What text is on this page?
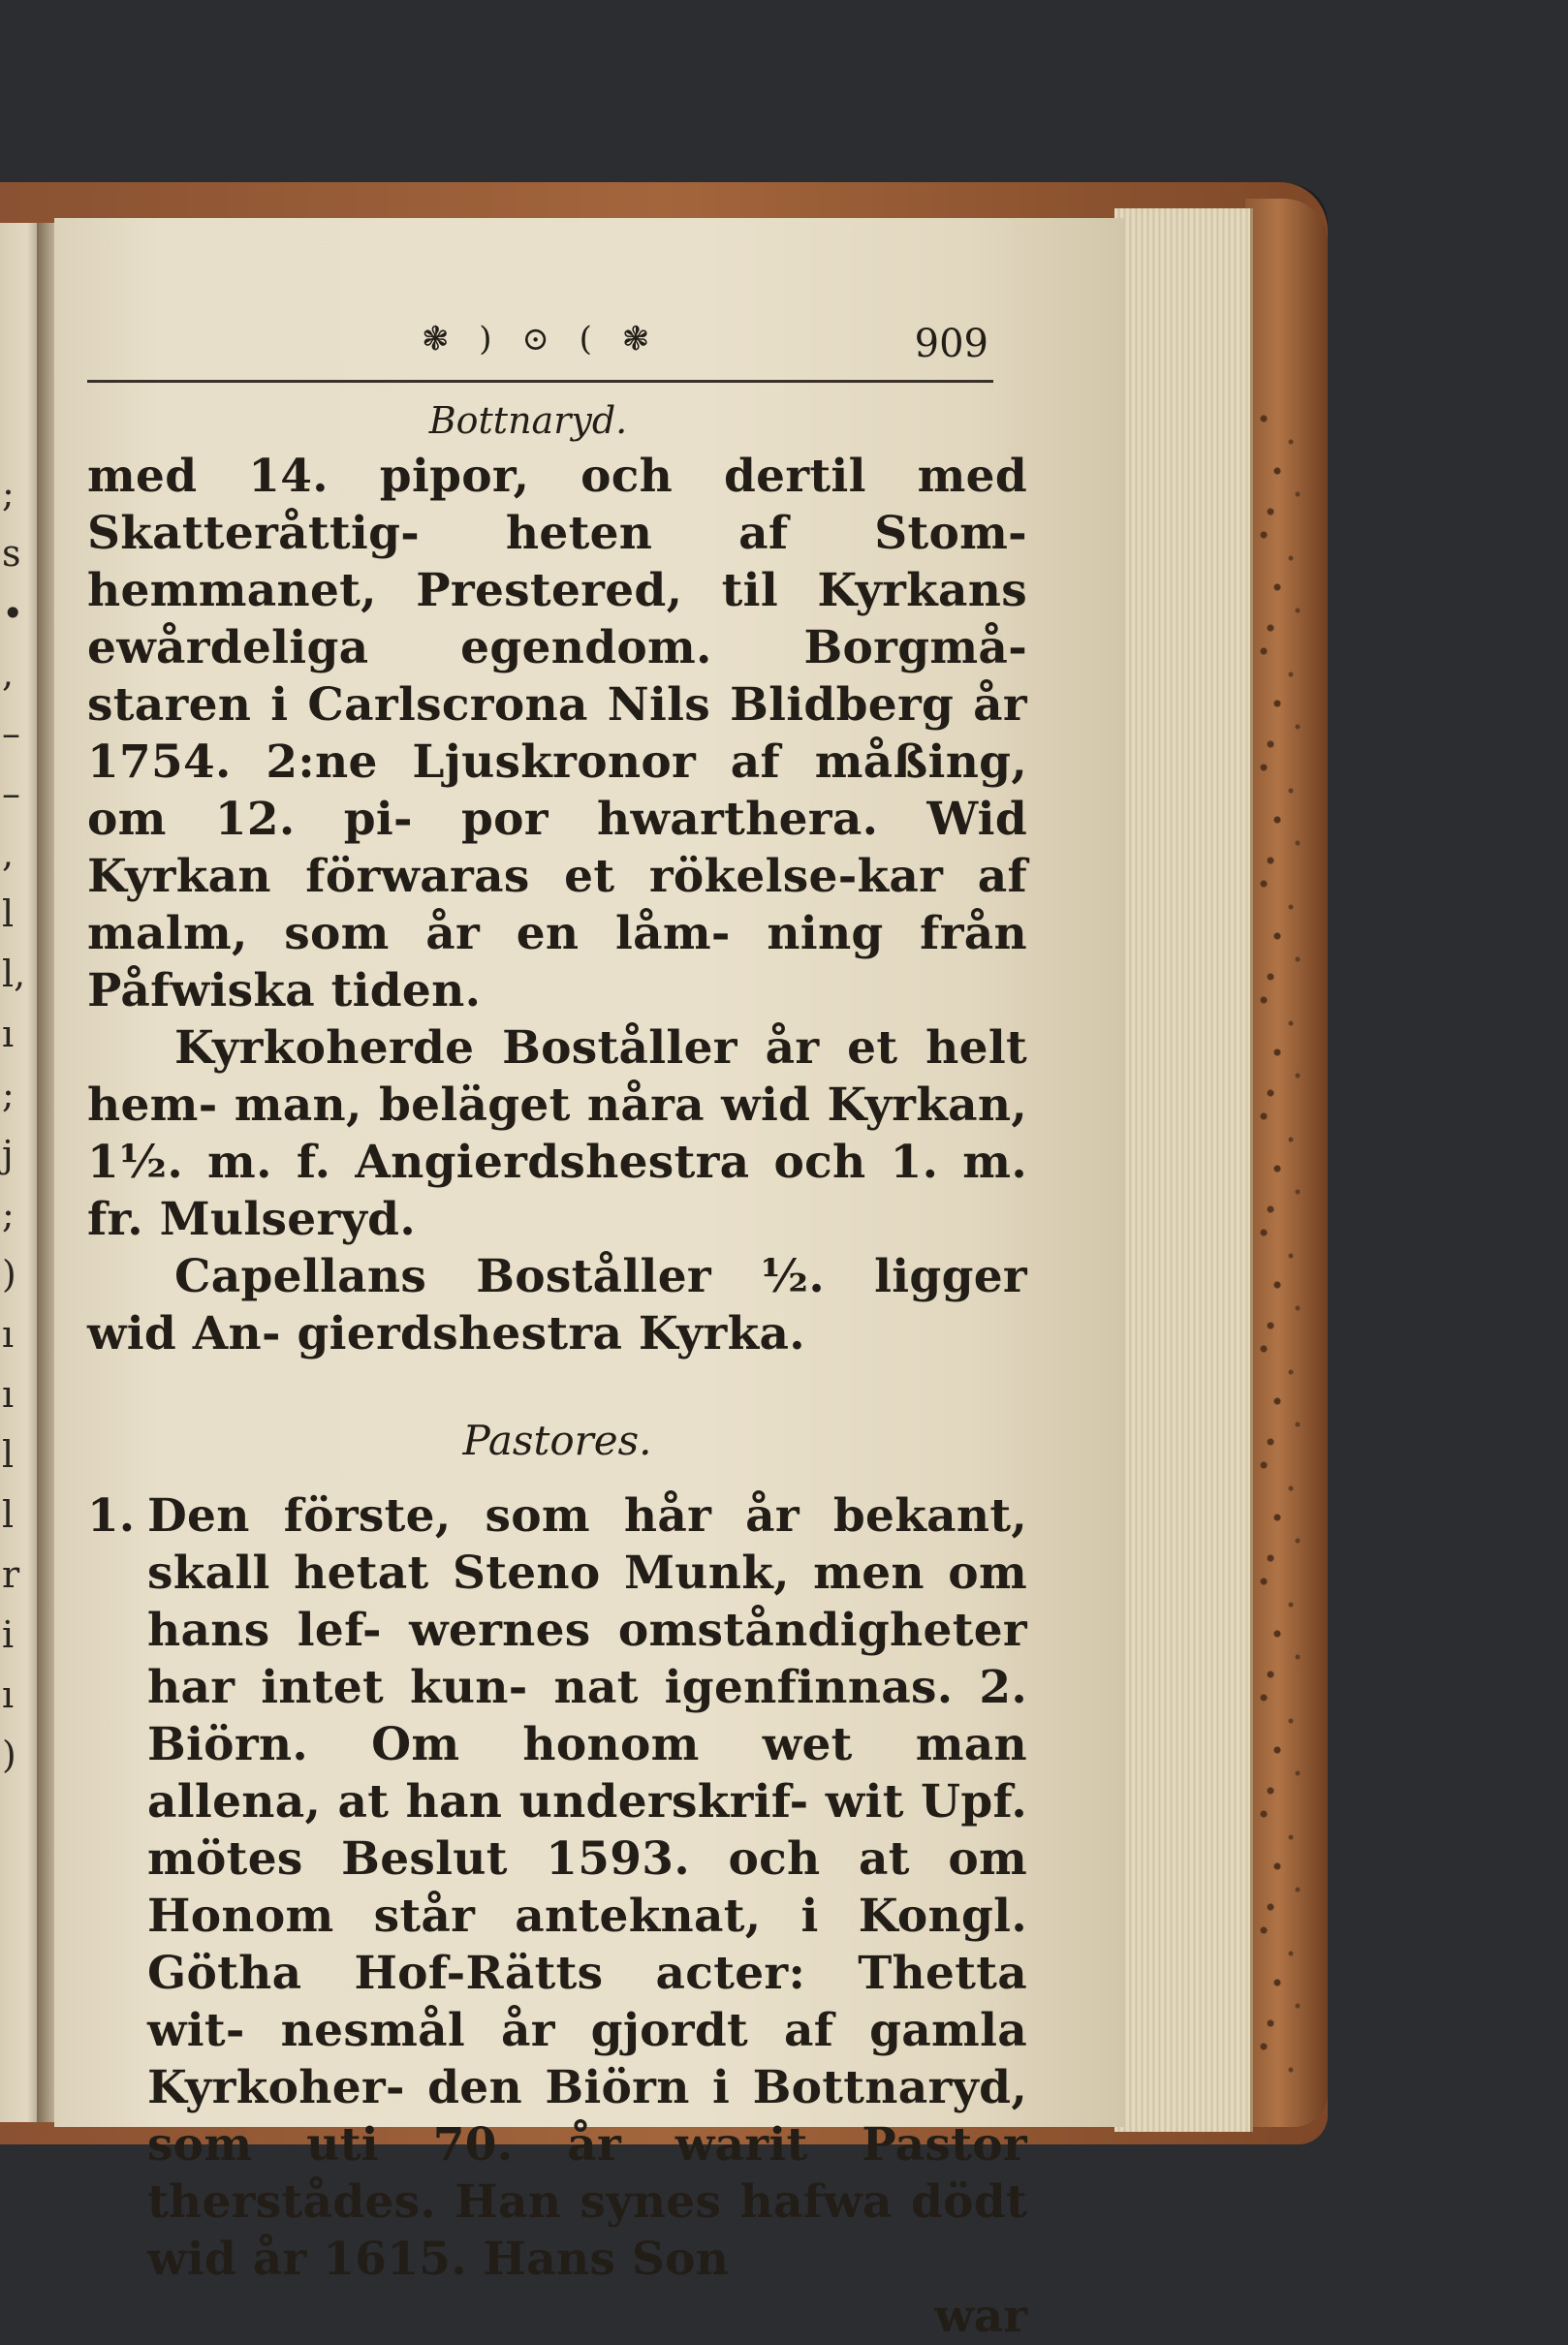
;
s
•
,
–
–
,
l
l,
ı
;
j
;
)
ı
ı
l
l
r
i
ı
)
❃ ) ⊙ ( ❃	909
Bottnaryd.

med 14. pipor, och dertil med Skatteråttig- heten af Stom-hemmanet, Prestered, til Kyrkans ewårdeliga egendom. Borgmå- staren i Carlscrona Nils Blidberg år 1754. 2:ne Ljuskronor af måßing, om 12. pi- por hwarthera. Wid Kyrkan förwaras et rökelse-kar af malm, som år en låm- ning från Påfwiska tiden.

Kyrkoherde Boståller år et helt hem- man, beläget nåra wid Kyrkan, 1½. m. f. Angierdshestra och 1. m. fr. Mulseryd.

Capellans Boståller ½. ligger wid An- gierdshestra Kyrka.

Pastores.
1. Den förste, som hår år bekant, skall hetat Steno Munk, men om hans lef- wernes omståndigheter har intet kun- nat igenfinnas. 2. Biörn. Om honom wet man allena, at han underskrif- wit Upf. mötes Beslut 1593. och at om Honom står anteknat, i Kongl. Götha Hof-Rätts acter: Thetta wit- nesmål år gjordt af gamla Kyrkoher- den Biörn i Bottnaryd, som uti 70. år warit Pastor therstådes. Han synes hafwa dödt wid år 1615. Hans Son

war
